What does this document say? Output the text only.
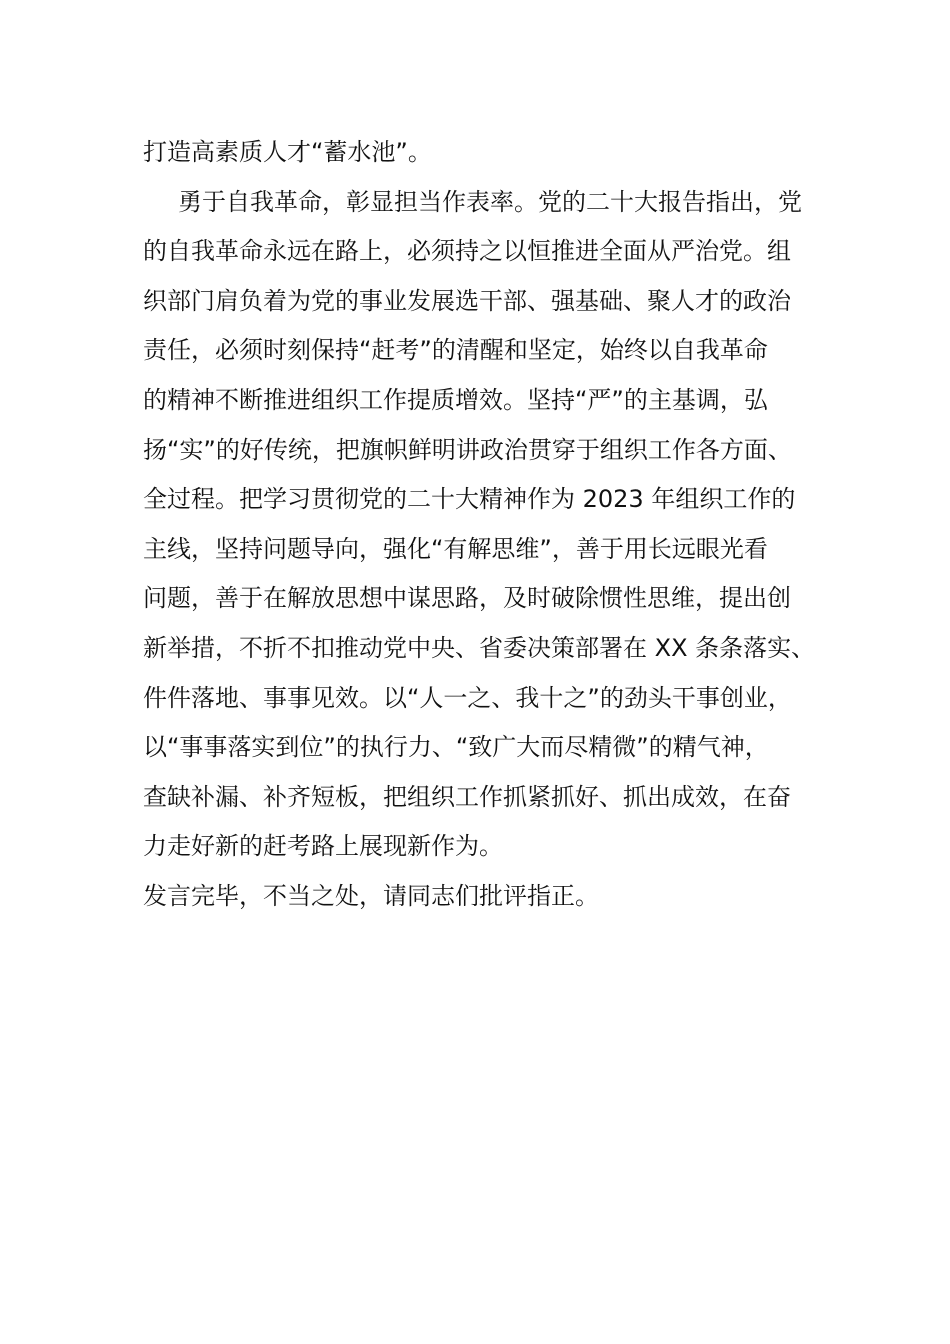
打造高素质人才“蓄水池”。
勇于自我革命，彰显担当作表率。党的二十大报告指出，党
的自我革命永远在路上，必须持之以恒推进全面从严治党。组
织部门肩负着为党的事业发展选干部、强基础、聚人才的政治
责任，必须时刻保持“赶考”的清醒和坚定，始终以自我革命
的精神不断推进组织工作提质增效。坚持“严”的主基调，弘
扬“实”的好传统，把旗帜鲜明讲政治贯穿于组织工作各方面、
全过程。把学习贯彻党的二十大精神作为 2023 年组织工作的
主线，坚持问题导向，强化“有解思维”，善于用长远眼光看
问题，善于在解放思想中谋思路，及时破除惯性思维，提出创
新举措，不折不扣推动党中央、省委决策部署在 XX 条条落实、
件件落地、事事见效。以“人一之、我十之”的劲头干事创业，
以“事事落实到位”的执行力、“致广大而尽精微”的精气神，
查缺补漏、补齐短板，把组织工作抓紧抓好、抓出成效，在奋
力走好新的赶考路上展现新作为。
发言完毕，不当之处，请同志们批评指正。
